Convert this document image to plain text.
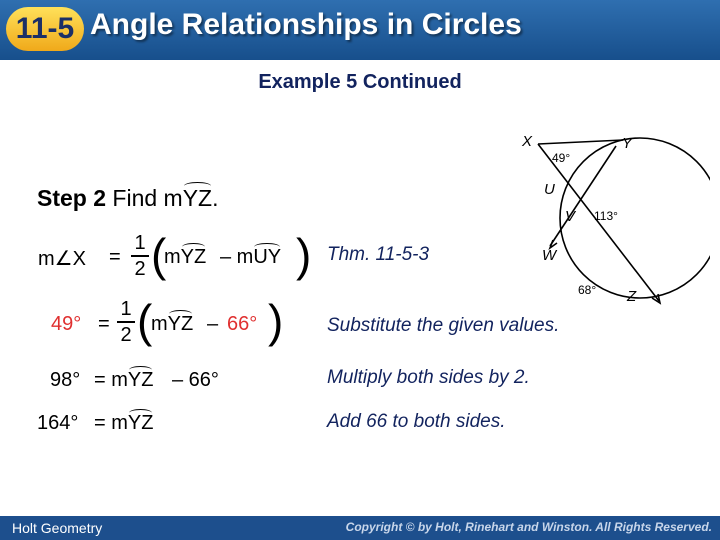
11-5 Angle Relationships in Circles
Example 5 Continued
Step 2 Find mYZ.
m∠X =
1
2 (
mYZ – mUY )
49° =
1
2 (
mYZ – 66° )
98° = mYZ – 66°
164° = mYZ
Thm. 11-5-3
Substitute the given values.
Multiply both sides by 2.
Add 66 to both sides.
X	Y
U
V
W
Z
49°
113°
68°
Holt Geometry	Copyright © by Holt, Rinehart and Winston. All Rights Reserved.
